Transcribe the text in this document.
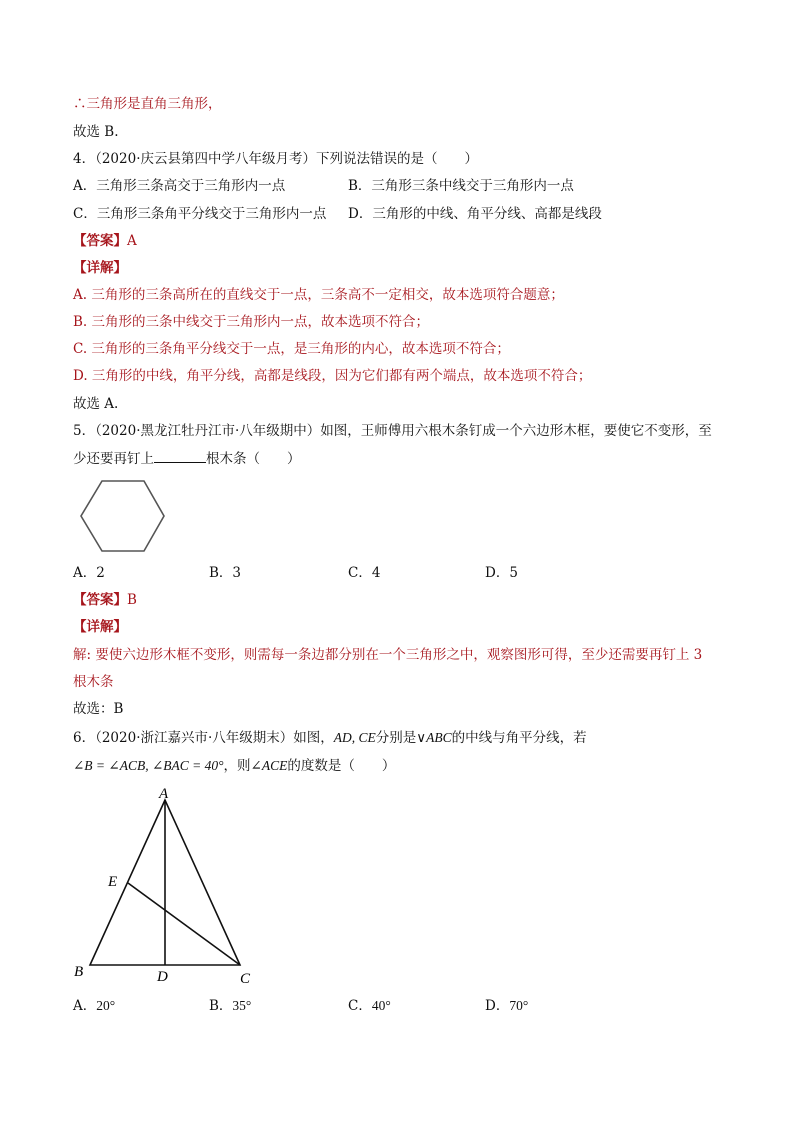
∴三角形是直角三角形，
故选 B.
4．（2020·庆云县第四中学八年级月考）下列说法错误的是（　　）
A．三角形三条高交于三角形内一点	B．三角形三条中线交于三角形内一点
C．三角形三条角平分线交于三角形内一点 D．三角形的中线、角平分线、高都是线段
【答案】A
【详解】
A. 三角形的三条高所在的直线交于一点，三条高不一定相交，故本选项符合题意；
B. 三角形的三条中线交于三角形内一点，故本选项不符合；
C. 三角形的三条角平分线交于一点，是三角形的内心，故本选项不符合；
D. 三角形的中线，角平分线，高都是线段，因为它们都有两个端点，故本选项不符合；
故选 A.
5．（2020·黑龙江牡丹江市·八年级期中）如图，王师傅用六根木条钉成一个六边形木框，要使它不变形，至
少还要再钉上	根木条（　　）
A．2	B．3	C．4	D．5
【答案】B
【详解】
解: 要使六边形木框不变形，则需每一条边都分别在一个三角形之中，观察图形可得，至少还需要再钉上 3
根木条
故选：B
6．（2020·浙江嘉兴市·八年级期末）如图，AD, CE分别是∨ABC的中线与角平分线，若
∠B = ∠ACB, ∠BAC = 40°，则∠ACE的度数是（　　）
A
B	C
D
E
A．20°	B．35°	C．40°	D．70°
